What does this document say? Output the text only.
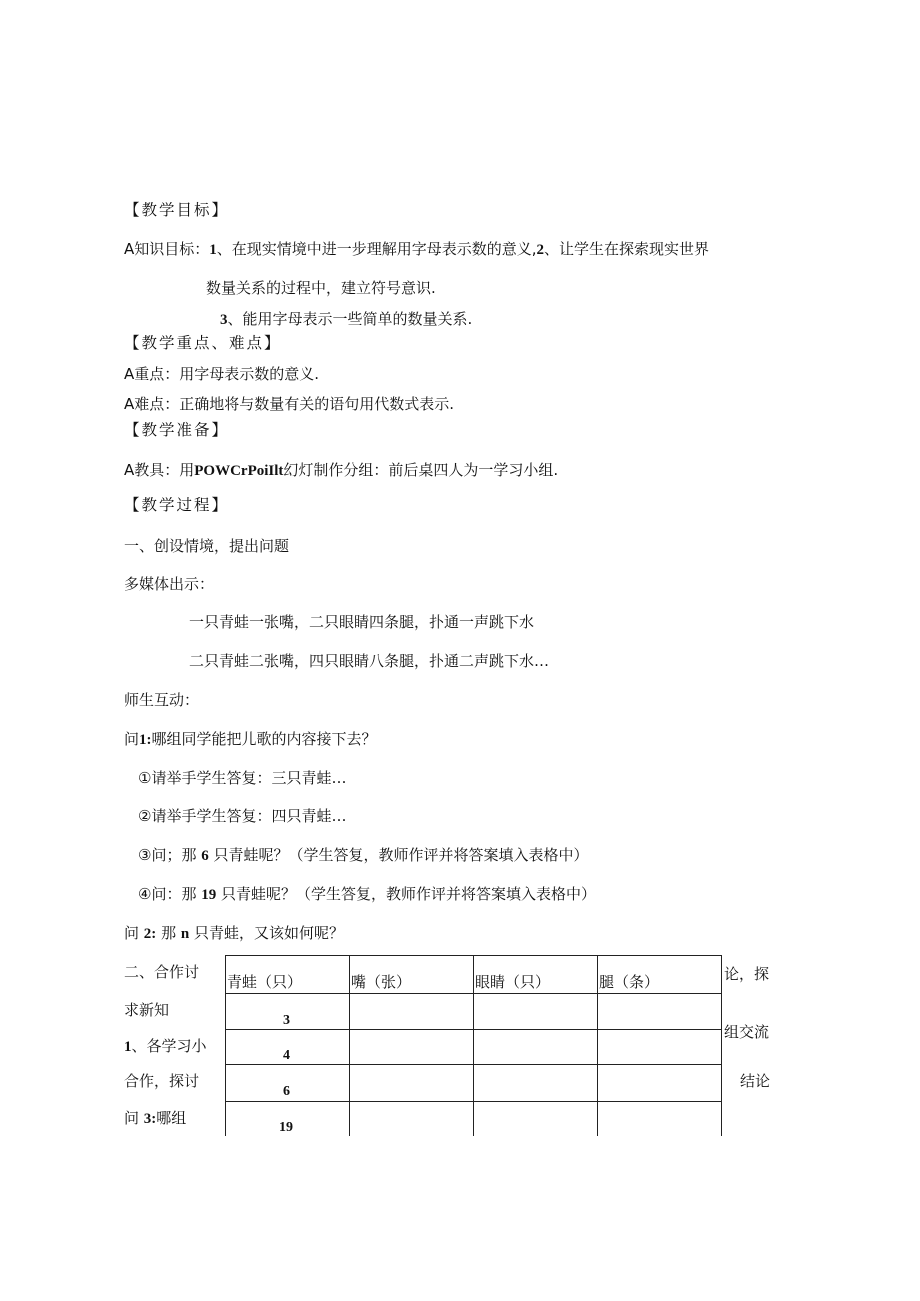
【教学目标】
A知识目标：1、在现实情境中进一步理解用字母表示数的意义,2、让学生在探索现实世界
数量关系的过程中，建立符号意识.
3、能用字母表示一些简单的数量关系.
【教学重点、难点】
A重点：用字母表示数的意义.
A难点：正确地将与数量有关的语句用代数式表示.
【教学准备】
A教具：用POWCrPoiIlt幻灯制作分组：前后桌四人为一学习小组.
【教学过程】
一、创设情境，提出问题
多媒体出示：
一只青蛙一张嘴，二只眼睛四条腿，扑通一声跳下水
二只青蛙二张嘴，四只眼睛八条腿，扑通二声跳下水…
师生互动：
问1:哪组同学能把儿歌的内容接下去？
①请举手学生答复：三只青蛙…
②请举手学生答复：四只青蛙…
③问；那 6 只青蛙呢？（学生答复，教师作评并将答案填入表格中）
④问：那 19 只青蛙呢？（学生答复，教师作评并将答案填入表格中）
问 2: 那 n 只青蛙，又该如何呢？
二、合作讨
求新知
1、各学习小
合作，探讨
问 3:哪组
论，探
组交流
结论
青蛙（只）	嘴（张）	眼睛（只）	腿（条）
3
4
6
19
